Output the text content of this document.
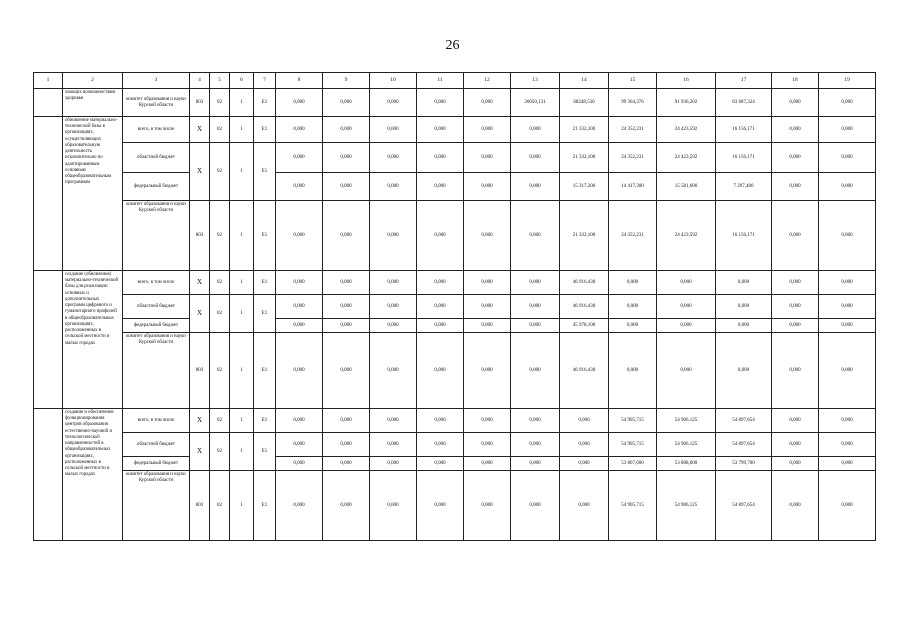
26
1	2	3	4	5	6	7	8	9	10	11	12	13	14	15	16	17	18	19
	чающих возможностями здоровья	комитет образования и науки Курской области	803	02	1	E1	0,000	0,000	0,000	0,000	0,000	26050,131	68248,530	99 364,376	91 936,202	83 687,324	0,000	0,000
	обновление материально-технической базы в организациях, осуществляющих образовательную деятельность исключительно по адаптированным основным общеобразовательным программам	всего, в том числе	X	02	1	E1	0,000	0,000	0,000	0,000	0,000	0,000	21 332,100	24 352,231	24 423,592	16 156,171	0,000	0,000
		областной бюджет	X	02	1	E1	0,000	0,000	0,000	0,000	0,000	0,000	21 332,100	24 352,231	24 423,592	16 156,171	0,000	0,000
		федеральный бюджет					0,000	0,000	0,000	0,000	0,000	0,000	15 317,200	14 417,300	15 581,600	7 297,400	0,000	0,000
		комитет образования и науки Курской области	803	02	1	E1	0,000	0,000	0,000	0,000	0,000	0,000	21 332,100	24 352,231	24 423,592	16 156,171	0,000	0,000
	создание (обновление) материально-технической базы для реализации основных и дополнительных программ цифрового и гуманитарного профилей в общеобразовательных организациях, расположенных в сельской местности и малых городах	всего, в том числе	X	02	1	E1	0,000	0,000	0,000	0,000	0,000	0,000	46 916,430	0,000	0,000	0,000	0,000	0,000
		областной бюджет	X	02	1	E1	0,000	0,000	0,000	0,000	0,000	0,000	46 916,430	0,000	0,000	0,000	0,000	0,000
		федеральный бюджет					0,000	0,000	0,000	0,000	0,000	0,000	45 978,100	0,000	0,000	0,000	0,000	0,000
		комитет образования и науки Курской области	803	02	1	E1	0,000	0,000	0,000	0,000	0,000	0,000	46 916,430	0,000	0,000	0,000	0,000	0,000
	создание и обеспечение функционирования центров образования естественно-научной и технологической направленностей в общеобразовательных организациях, расположенных в сельской местности и малых городах	всего, в том числе	X	02	1	E1	0,000	0,000	0,000	0,000	0,000	0,000	0,000	54 905,715	54 906,125	54 897,654	0,000	0,000
		областной бюджет	X	02	1	E1	0,000	0,000	0,000	0,000	0,000	0,000	0,000	54 905,715	54 906,125	54 897,654	0,000	0,000
		федеральный бюджет					0,000	0,000	0,000	0,000	0,000	0,000	0,000	53 807,600	53 808,000	53 799,700	0,000	0,000
		комитет образования и науки Курской области	803	02	1	E1	0,000	0,000	0,000	0,000	0,000	0,000	0,000	54 905,715	54 906,125	54 897,654	0,000	0,000
